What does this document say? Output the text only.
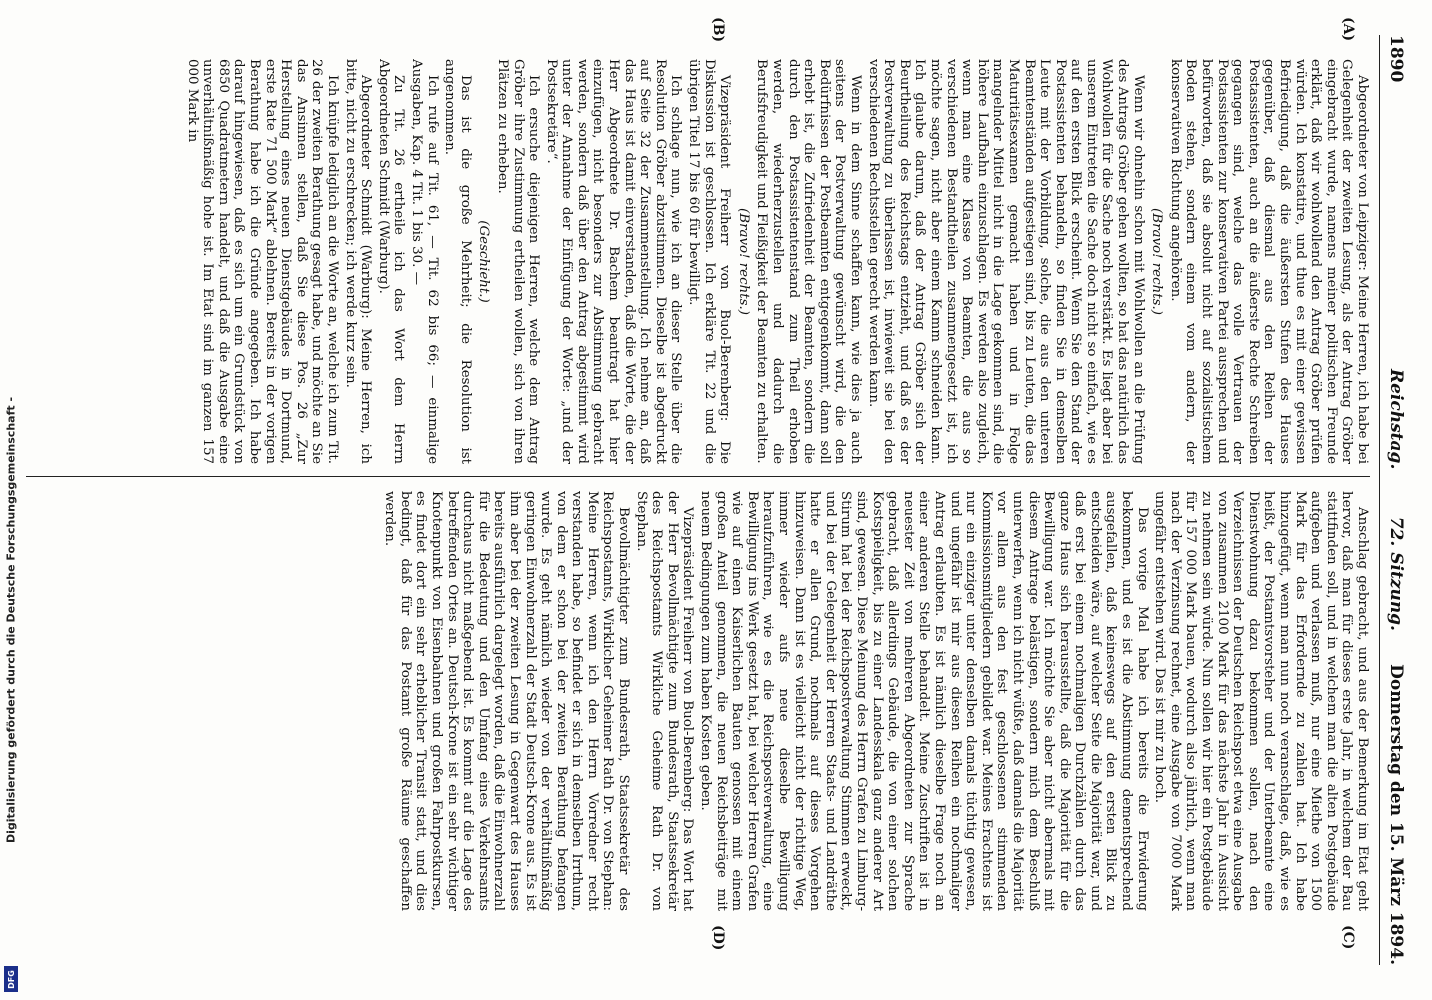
1890
Reichstag.        72. Sitzung.
Donnerstag den 15. März 1894.
(A)
(B)
(C)
(D)

Abgeordneter von Leipziger: Meine Herren, ich habe bei Gelegenheit der zweiten Lesung, als der Antrag Gröber eingebracht wurde, namens meiner politischen Freunde erklärt, daß wir wohlwollend den Antrag Gröber prüfen würden. Ich konstatire, und thue es mit einer gewissen Befriedigung, daß die äußersten Stufen des Hauses gegenüber, daß diesmal aus den Reihen der Postassistenten, auch an die äußerste Rechte Schreiben gegangen sind, welche das volle Vertrauen der Postassistenten zur konservativen Partei aussprechen und befürworten, daß sie absolut nicht auf sozialistischem Boden stehen, sondern einem vom andern, der konservativen Richtung angehören.

(Bravo! rechts.)

Wenn wir ohnehin schon mit Wohlwollen an die Prüfung des Antrags Gröber gehen wollten, so hat das natürlich das Wohlwollen für die Sache noch verstärkt. Es liegt aber bei unserem Eintreten die Sache doch nicht so einfach, wie es auf den ersten Blick erscheint. Wenn Sie den Stand der Postassistenten behandeln, so finden Sie in demselben Leute mit der Vorbildung, solche, die aus den unteren Beamtenständen aufgestiegen sind, bis zu Leuten, die das Maturitätsexamen gemacht haben und in Folge mangelnder Mittel nicht in die Lage gekommen sind, die höhere Laufbahn einzuschlagen. Es werden also zugleich, wenn man eine Klasse von Beamten, die aus so verschiedenen Bestandtheilen zusammengesetzt ist, ich möchte sagen, nicht aber einem Kamm schneiden kann. Ich glaube darum, daß der Antrag Gröber sich der Beurtheilung des Reichstags entzieht, und daß es der Postverwaltung zu überlassen ist, inwieweit sie bei den verschiedenen Rechtsstellen gerecht werden kann.

Wenn in dem Sinne schaffen kann, wie dies ja auch seitens der Postverwaltung gewünscht wird, die den Bedürfnissen der Postbeamten entgegenkommt, dann soll erhebt ist, die Zufriedenheit der Beamten, sondern die durch den Postassistentenstand zum Theil erhoben werden, wiederherzustellen und dadurch die Berufsfreudigkeit und Fleißigkeit der Beamten zu erhalten.

(Bravo! rechts.)

Vizepräsident Freiherr von Buol-Berenberg: Die Diskussion ist geschlossen. Ich erkläre Tit. 22 und die übrigen Titel 17 bis 60 für bewilligt.

Ich schlage nun, wie ich an dieser Stelle über die Resolution Gröber abzustimmen. Dieselbe ist abgedruckt auf Seite 32 der Zusammenstellung. Ich nehme an, daß das Haus ist damit einverstanden, daß die Worte, die der Herr Abgeordnete Dr. Bachem beantragt hat hier einzufügen, nicht besonders zur Abstimmung gebracht werden, sondern daß über den Antrag abgestimmt wird unter der Annahme der Einfügung der Worte: „und der Postsekretäre“.

Ich ersuche diejenigen Herren, welche dem Antrag Gröber ihre Zustimmung ertheilen wollen, sich von ihren Plätzen zu erheben.

(Geschieht.)

Das ist die große Mehrheit; die Resolution ist angenommen.

Ich rufe auf Tit. 61, — Tit. 62 bis 66; — einmalige Ausgaben, Kap. 4 Tit. 1 bis 30. —

Zu Tit. 26 ertheile ich das Wort dem Herrn Abgeordneten Schmidt (Warburg).

Abgeordneter Schmidt (Warburg): Meine Herren, ich bitte, nicht zu erschrecken; ich werde kurz sein.

Ich knüpfe lediglich an die Worte an, welche ich zum Tit. 26 der zweiten Berathung gesagt habe, und möchte an Sie das Ansinnen stellen, daß Sie diese Pos. 26 „Zur Herstellung eines neuen Dienstgebäudes in Dortmund, erste Rate 71 500 Mark“ ablehnen. Bereits in der vorigen Berathung habe ich die Gründe angegeben. Ich habe darauf hingewiesen, daß es sich um ein Grundstück von 6850 Quadratmetern handelt, und daß die Ausgabe eine unverhältnißmäßig hohe ist. Im Etat sind im ganzen 157 000 Mark in

Anschlag gebracht, und aus der Bemerkung im Etat geht hervor, daß man für dieses erste Jahr, in welchem der Bau stattfinden soll, und in welchem man die alten Postgebäude aufgeben und verlassen muß, nur eine Miethe von 1500 Mark für das Erfordernde zu zahlen hat. Ich habe hinzugefügt, wenn man nun noch veranschlage, daß, wie es heißt, der Postamtsvorsteher und der Unterbeamte eine Dienstwohnung dazu bekommen sollen, nach den Verzeichnissen der Deutschen Reichspost etwa eine Ausgabe von zusammen 2100 Mark für das nächste Jahr in Aussicht zu nehmen sein würde. Nun sollen wir hier ein Postgebäude für 157 000 Mark bauen, wodurch also jährlich, wenn man nach der Verzinsung rechnet, eine Ausgabe von 7000 Mark ungefähr entstehen wird. Das ist mir zu hoch.

Das vorige Mal habe ich bereits die Erwiderung bekommen, und es ist die Abstimmung dementsprechend ausgefallen, daß keineswegs auf den ersten Blick zu entscheiden wäre, auf welcher Seite die Majorität war, und daß erst bei einem nochmaligen Durchzählen durch das ganze Haus sich herausstellte, daß die Majorität für die Bewilligung war. Ich möchte Sie aber nicht abermals mit diesem Antrage belästigen, sondern mich dem Beschluß unterwerfen, wenn ich nicht wüßte, daß damals die Majorität vor allem aus den fest geschlossenen stimmenden Kommissionsmitgliedern gebildet war. Meines Erachtens ist nur ein einziger unter denselben damals tüchtig gewesen, und ungefähr ist mir aus diesen Reihen ein nochmaliger Antrag erlaubten. Es ist nämlich dieselbe Frage noch an einer anderen Stelle behandelt. Meine Zuschriften ist in neuester Zeit von mehreren Abgeordneten zur Sprache gebracht, daß allerdings Gebäude, die von einer solchen Kostspieligkeit, bis zu einer Landesskala ganz anderer Art sind, gewesen. Diese Meinung des Herrn Grafen zu Limburg-Stirum hat bei der Reichspostverwaltung Stimmen erweckt, und bei der Gelegenheit der Herren Staats- und Landräthe hatte er allen Grund, nochmals auf dieses Vorgehen hinzuweisen. Dann ist es vielleicht nicht der richtige Weg, immer wieder aufs neue dieselbe Bewilligung heraufzuführen, wie es die Reichspostverwaltung, eine Bewilligung ins Werk gesetzt hat, bei welcher Herren Grafen wie auf einen Kaiserlichen Bauten genossen mit einem großen Anteil genommen, die neuen Reichsbeiträge mit neuem Bedingungen zum haben Kosten geben.

Vizepräsident Freiherr von Buol-Berenberg: Das Wort hat der Herr Bevollmächtigte zum Bundesrath, Staatssekretär des Reichspostamts Wirkliche Geheime Rath Dr. von Stephan.

Bevollmächtigter zum Bundesrath, Staatssekretär des Reichspostamts, Wirklicher Geheimer Rath Dr. von Stephan: Meine Herren, wenn ich den Herrn Vorredner recht verstanden habe, so befindet er sich in demselben Irrthum, von dem er schon bei der zweiten Berathung befangen wurde. Es geht nämlich wieder von der verhältnißmäßig geringen Einwohnerzahl der Stadt Deutsch-Krone aus. Es ist ihm aber bei der zweiten Lesung in Gegenwart des Hauses bereits ausführlich dargelegt worden, daß die Einwohnerzahl für die Bedeutung und den Umfang eines Verkehrsamts durchaus nicht maßgebend ist. Es kommt auf die Lage des betreffenden Ortes an. Deutsch-Krone ist ein sehr wichtiger Knotenpunkt von Eisenbahnen und großen Fahrpostkursen, es findet dort ein sehr erheblicher Transit statt, und dies bedingt, daß für das Postamt große Räume geschaffen werden.

Digitalisierung gefördert durch die Deutsche Forschungsgemeinschaft -
DFG
